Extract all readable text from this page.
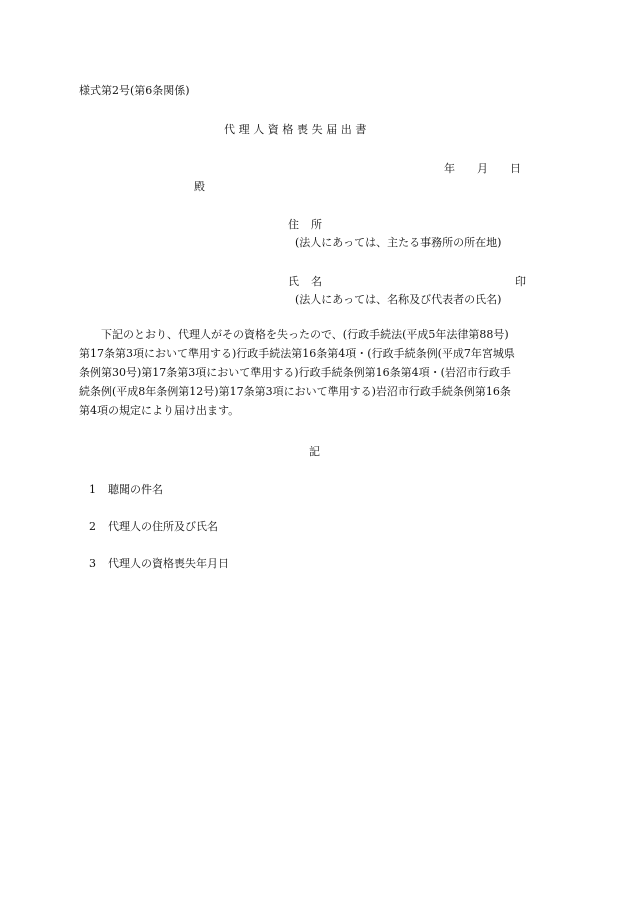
様式第2号(第6条関係)
代理人資格喪失届出書
年 月 日
殿
住 所
(法人にあっては、主たる事務所の所在地)
氏 名	印
(法人にあっては、名称及び代表者の氏名)
下記のとおり、代理人がその資格を失ったので、(行政手続法(平成5年法律第88号)
第17条第3項において準用する)行政手続法第16条第4項・(行政手続条例(平成7年宮城県
条例第30号)第17条第3項において準用する)行政手続条例第16条第4項・(岩沼市行政手
続条例(平成8年条例第12号)第17条第3項において準用する)岩沼市行政手続条例第16条
第4項の規定により届け出ます。
記
1 聴聞の件名
2 代理人の住所及び氏名
3 代理人の資格喪失年月日
